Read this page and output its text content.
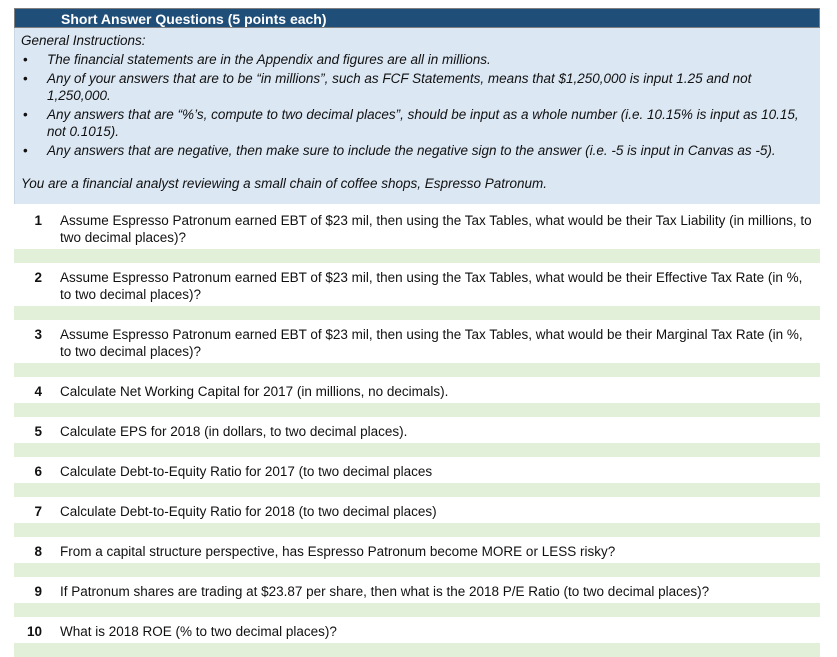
Short Answer Questions (5 points each)
General Instructions:
• The financial statements are in the Appendix and figures are all in millions.
• Any of your answers that are to be “in millions”, such as FCF Statements, means that $1,250,000 is input 1.25 and not 1,250,000.
• Any answers that are “%’s, compute to two decimal places”, should be input as a whole number (i.e. 10.15% is input as 10.15, not 0.1015).
• Any answers that are negative, then make sure to include the negative sign to the answer (i.e. -5 is input in Canvas as -5).
You are a financial analyst reviewing a small chain of coffee shops, Espresso Patronum.
1	Assume Espresso Patronum earned EBT of $23 mil, then using the Tax Tables, what would be their Tax Liability (in millions, to two decimal places)?
2	Assume Espresso Patronum earned EBT of $23 mil, then using the Tax Tables, what would be their Effective Tax Rate (in %, to two decimal places)?
3	Assume Espresso Patronum earned EBT of $23 mil, then using the Tax Tables, what would be their Marginal Tax Rate (in %, to two decimal places)?
4	Calculate Net Working Capital for 2017 (in millions, no decimals).
5	Calculate EPS for 2018 (in dollars, to two decimal places).
6	Calculate Debt-to-Equity Ratio for 2017 (to two decimal places
7	Calculate Debt-to-Equity Ratio for 2018 (to two decimal places)
8	From a capital structure perspective, has Espresso Patronum become MORE or LESS risky?
9	If Patronum shares are trading at $23.87 per share, then what is the 2018 P/E Ratio (to two decimal places)?
10	What is 2018 ROE (% to two decimal places)?
